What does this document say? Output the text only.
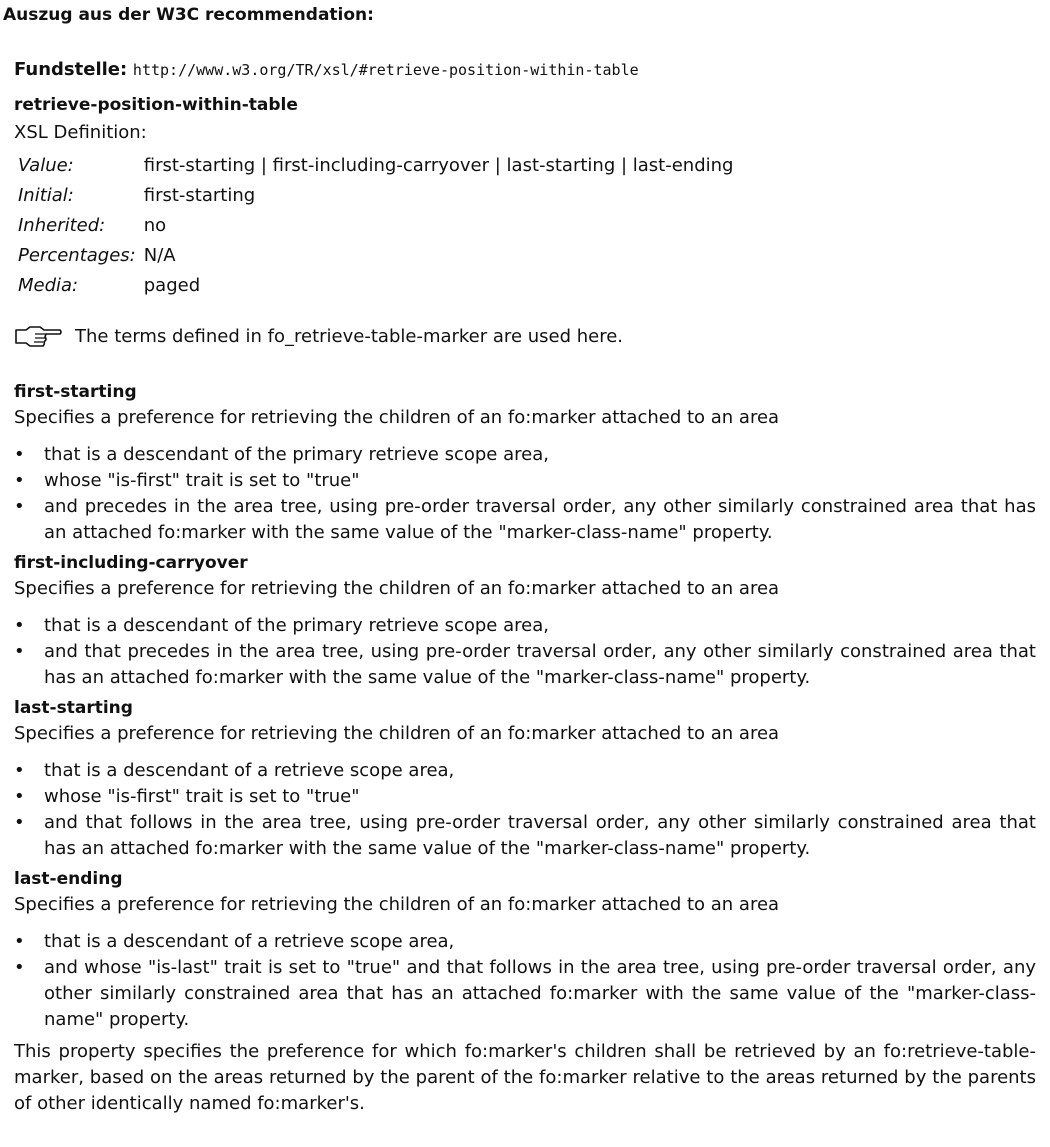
Auszug aus der W3C recommendation:
Fundstelle: http://www.w3.org/TR/xsl/#retrieve-position-within-table
retrieve-position-within-table
XSL Definition:
Value:	first-starting | first-including-carryover | last-starting | last-ending
Initial:	first-starting
Inherited:	no
Percentages:	N/A
Media:	paged
The terms defined in fo_retrieve-table-marker are used here.
first-starting
Specifies a preference for retrieving the children of an fo:marker attached to an area
• that is a descendant of the primary retrieve scope area,
• whose "is-first" trait is set to "true"
• and precedes in the area tree, using pre-order traversal order, any other similarly constrained area that has an attached fo:marker with the same value of the "marker-class-name" property.
first-including-carryover
Specifies a preference for retrieving the children of an fo:marker attached to an area
• that is a descendant of the primary retrieve scope area,
• and that precedes in the area tree, using pre-order traversal order, any other similarly constrained area that has an attached fo:marker with the same value of the "marker-class-name" property.
last-starting
Specifies a preference for retrieving the children of an fo:marker attached to an area
• that is a descendant of a retrieve scope area,
• whose "is-first" trait is set to "true"
• and that follows in the area tree, using pre-order traversal order, any other similarly constrained area that has an attached fo:marker with the same value of the "marker-class-name" property.
last-ending
Specifies a preference for retrieving the children of an fo:marker attached to an area
• that is a descendant of a retrieve scope area,
• and whose "is-last" trait is set to "true" and that follows in the area tree, using pre-order traversal order, any other similarly constrained area that has an attached fo:marker with the same value of the "marker-class-name" property.
This property specifies the preference for which fo:marker's children shall be retrieved by an fo:retrieve-table-marker, based on the areas returned by the parent of the fo:marker relative to the areas returned by the parents of other identically named fo:marker's.
